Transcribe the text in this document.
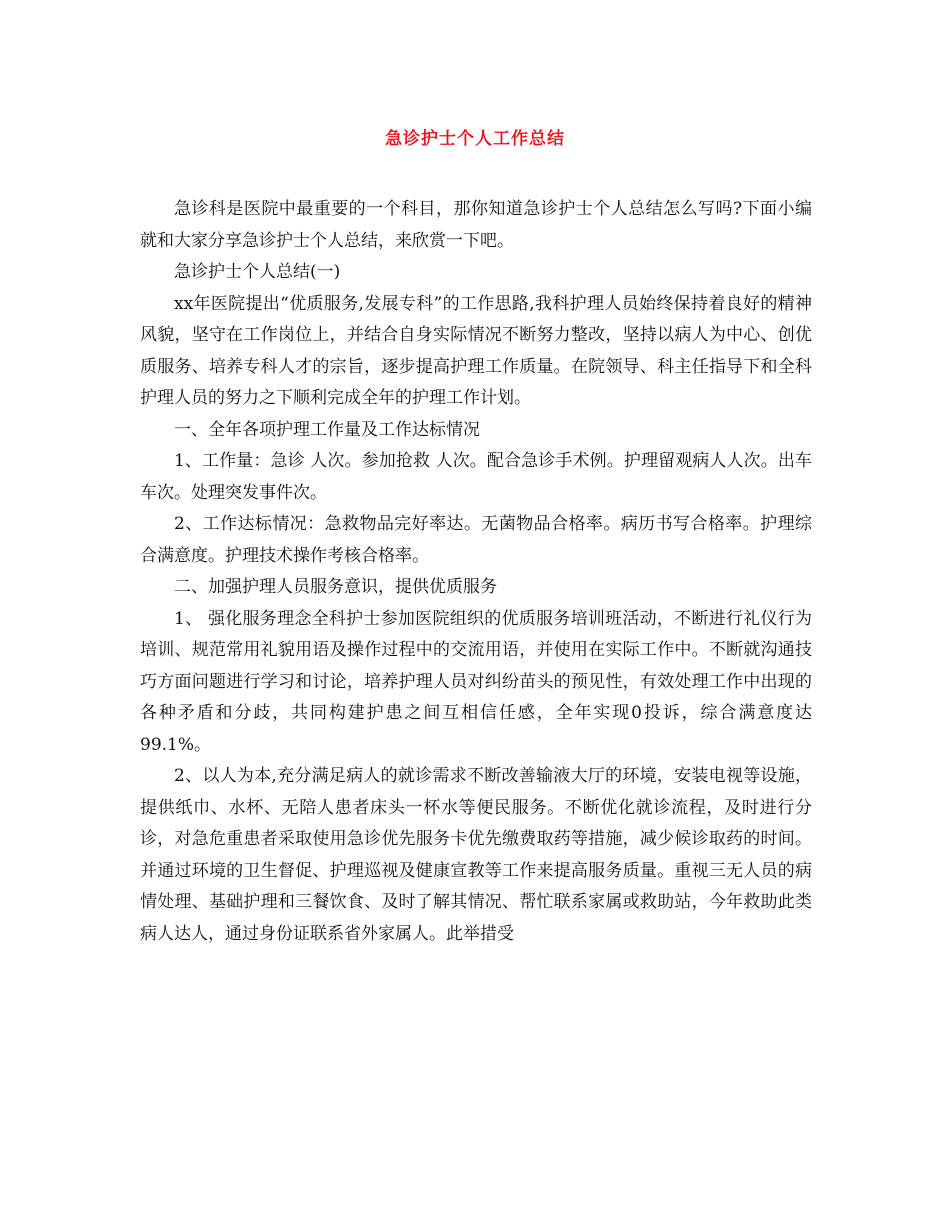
急诊护士个人工作总结

急诊科是医院中最重要的一个科目，那你知道急诊护士个人总结怎么写吗?下面小编就和大家分享急诊护士个人总结，来欣赏一下吧。

急诊护士个人总结(一)

xx年医院提出“优质服务,发展专科”的工作思路,我科护理人员始终保持着良好的精神风貌，坚守在工作岗位上，并结合自身实际情况不断努力整改，坚持以病人为中心、创优质服务、培养专科人才的宗旨，逐步提高护理工作质量。在院领导、科主任指导下和全科护理人员的努力之下顺利完成全年的护理工作计划。

一、全年各项护理工作量及工作达标情况

1、工作量：急诊 人次。参加抢救 人次。配合急诊手术例。护理留观病人人次。出车车次。处理突发事件次。

2、工作达标情况：急救物品完好率达。无菌物品合格率。病历书写合格率。护理综合满意度。护理技术操作考核合格率。

二、加强护理人员服务意识，提供优质服务

1、 强化服务理念全科护士参加医院组织的优质服务培训班活动，不断进行礼仪行为培训、规范常用礼貌用语及操作过程中的交流用语，并使用在实际工作中。不断就沟通技巧方面问题进行学习和讨论，培养护理人员对纠纷苗头的预见性，有效处理工作中出现的各种矛盾和分歧，共同构建护患之间互相信任感，全年实现0投诉，综合满意度达99.1%。

2、以人为本,充分满足病人的就诊需求不断改善输液大厅的环境，安装电视等设施，提供纸巾、水杯、无陪人患者床头一杯水等便民服务。不断优化就诊流程，及时进行分诊，对急危重患者采取使用急诊优先服务卡优先缴费取药等措施，减少候诊取药的时间。并通过环境的卫生督促、护理巡视及健康宣教等工作来提高服务质量。重视三无人员的病情处理、基础护理和三餐饮食、及时了解其情况、帮忙联系家属或救助站，今年救助此类病人达人，通过身份证联系省外家属人。此举措受
